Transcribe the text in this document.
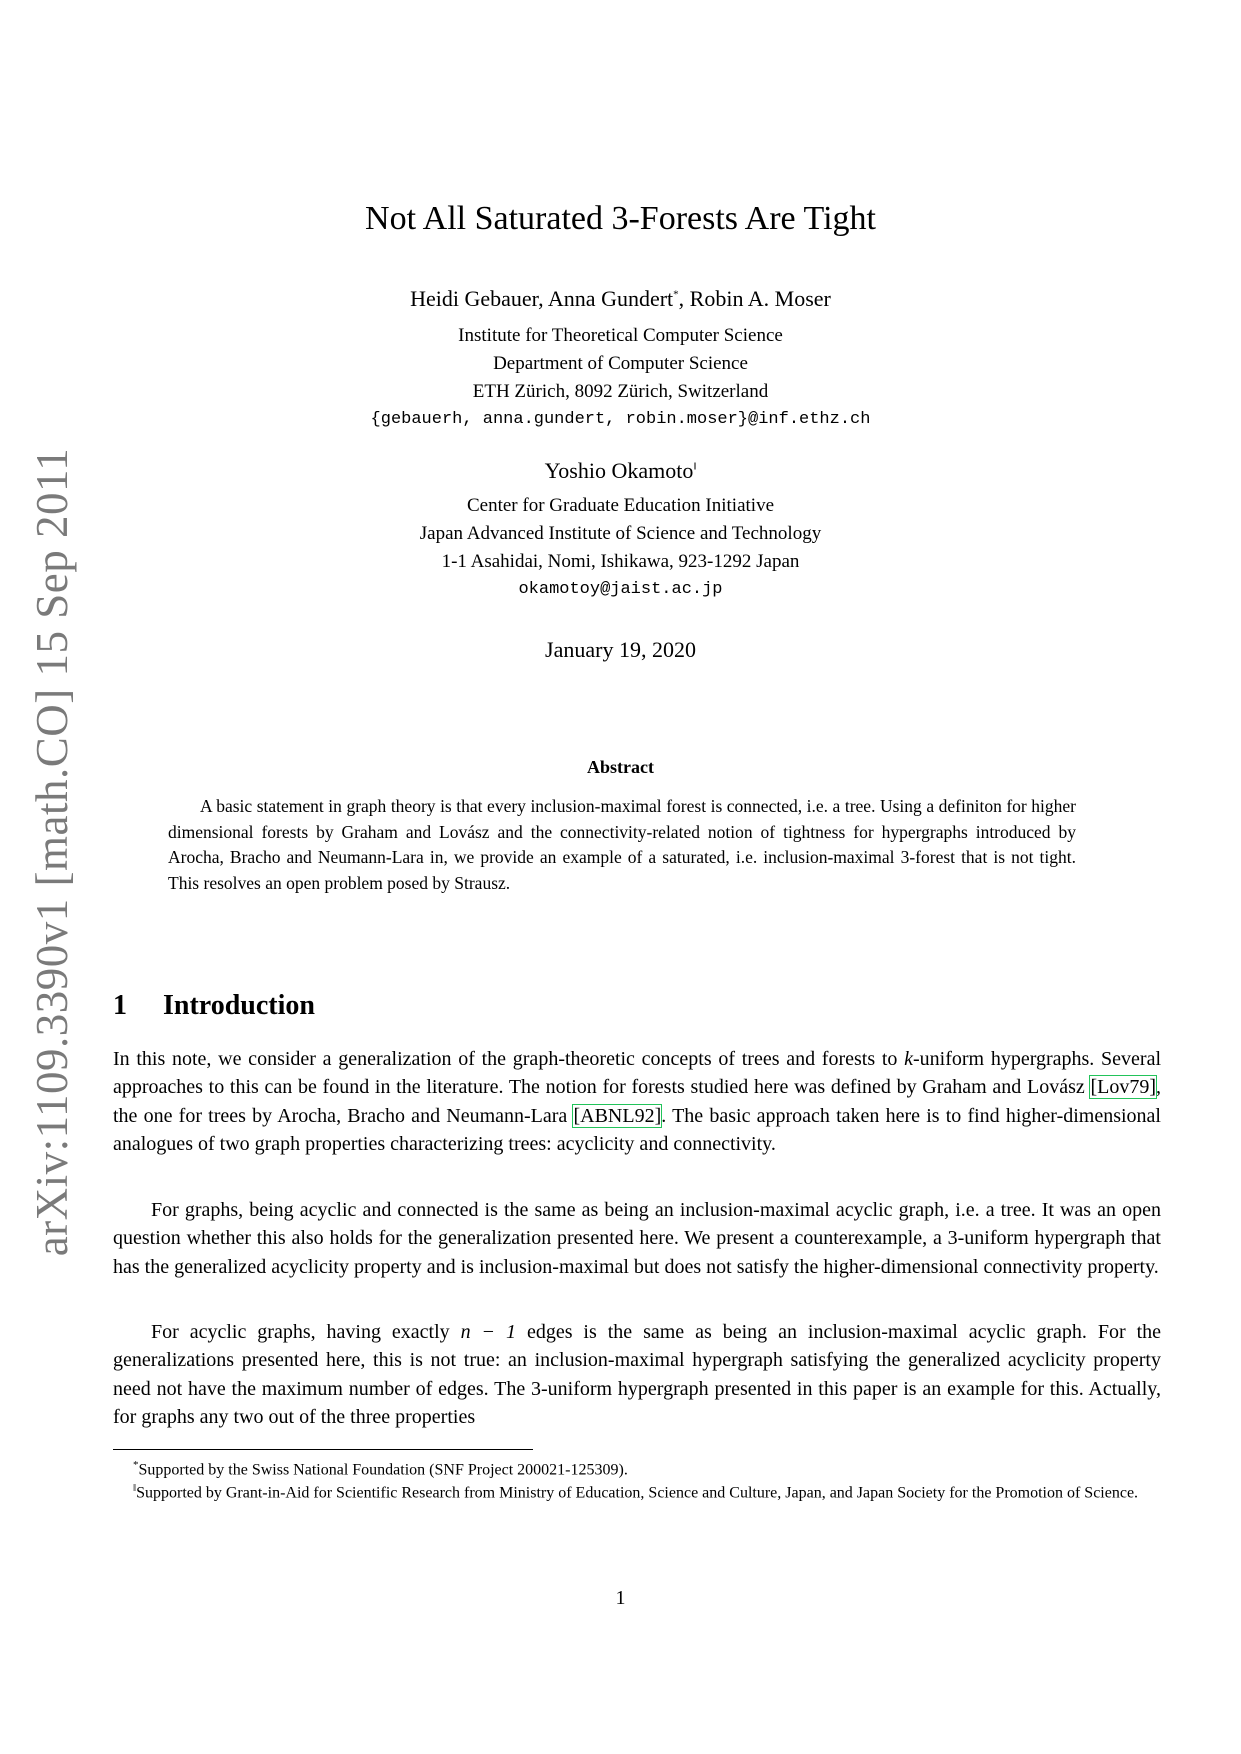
arXiv:1109.3390v1 [math.CO] 15 Sep 2011
Not All Saturated 3-Forests Are Tight
Heidi Gebauer, Anna Gundert*, Robin A. Moser
Institute for Theoretical Computer Science
Department of Computer Science
ETH Zürich, 8092 Zürich, Switzerland
{gebauerh, anna.gundert, robin.moser}@inf.ethz.ch
Yoshio Okamoto‖
Center for Graduate Education Initiative
Japan Advanced Institute of Science and Technology
1-1 Asahidai, Nomi, Ishikawa, 923-1292 Japan
okamotoy@jaist.ac.jp
January 19, 2020
Abstract

A basic statement in graph theory is that every inclusion-maximal forest is connected, i.e. a tree. Using a definiton for higher dimensional forests by Graham and Lovász and the connectivity-related notion of tightness for hypergraphs introduced by Arocha, Bracho and Neumann-Lara in, we provide an example of a saturated, i.e. inclusion-maximal 3-forest that is not tight. This resolves an open problem posed by Strausz.

1 Introduction

In this note, we consider a generalization of the graph-theoretic concepts of trees and forests to k-uniform hypergraphs. Several approaches to this can be found in the literature. The notion for forests studied here was defined by Graham and Lovász [Lov79], the one for trees by Arocha, Bracho and Neumann-Lara [ABNL92]. The basic approach taken here is to find higher-dimensional analogues of two graph properties characterizing trees: acyclicity and connectivity.

For graphs, being acyclic and connected is the same as being an inclusion-maximal acyclic graph, i.e. a tree. It was an open question whether this also holds for the generalization presented here. We present a counterexample, a 3-uniform hypergraph that has the generalized acyclicity property and is inclusion-maximal but does not satisfy the higher-dimensional connectivity property.

For acyclic graphs, having exactly n − 1 edges is the same as being an inclusion-maximal acyclic graph. For the generalizations presented here, this is not true: an inclusion-maximal hypergraph satisfying the generalized acyclicity property need not have the maximum number of edges. The 3-uniform hypergraph presented in this paper is an example for this. Actually, for graphs any two out of the three properties

*Supported by the Swiss National Foundation (SNF Project 200021-125309).

‖Supported by Grant-in-Aid for Scientific Research from Ministry of Education, Science and Culture, Japan, and Japan Society for the Promotion of Science.

1
